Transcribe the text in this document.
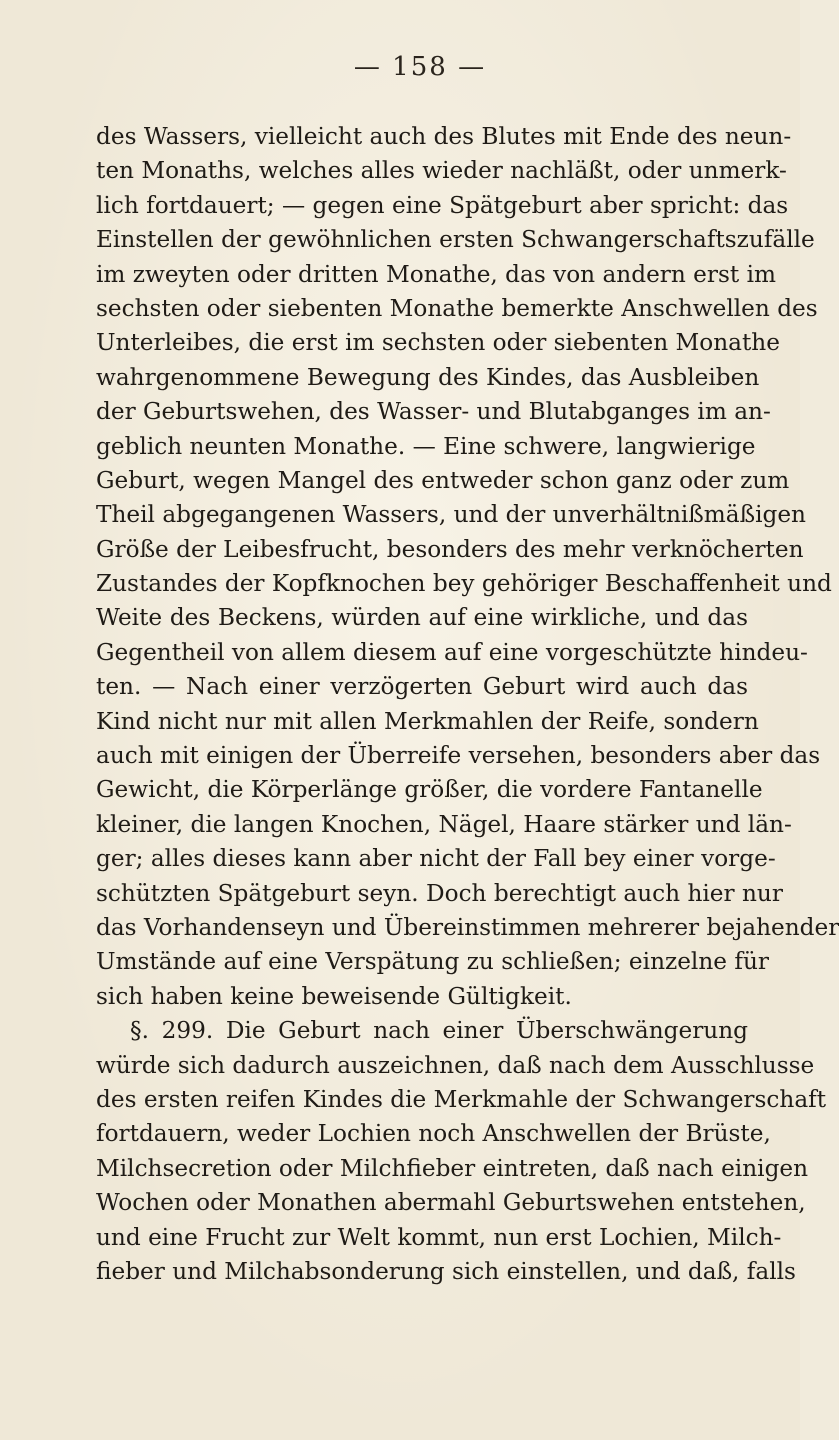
— 158 —
des Wassers, vielleicht auch des Blutes mit Ende des neun-
ten Monaths, welches alles wieder nachläßt, oder unmerk-
lich fortdauert; — gegen eine Spätgeburt aber spricht: das
Einstellen der gewöhnlichen ersten Schwangerschaftszufälle
im zweyten oder dritten Monathe, das von andern erst im
sechsten oder siebenten Monathe bemerkte Anschwellen des
Unterleibes, die erst im sechsten oder siebenten Monathe
wahrgenommene Bewegung des Kindes, das Ausbleiben
der Geburtswehen, des Wasser- und Blutabganges im an-
geblich neunten Monathe. — Eine schwere, langwierige
Geburt, wegen Mangel des entweder schon ganz oder zum
Theil abgegangenen Wassers, und der unverhältnißmäßigen
Größe der Leibesfrucht, besonders des mehr verknöcherten
Zustandes der Kopfknochen bey gehöriger Beschaffenheit und
Weite des Beckens, würden auf eine wirkliche, und das
Gegentheil von allem diesem auf eine vorgeschützte hindeu-
ten. — Nach einer verzögerten Geburt wird auch das
Kind nicht nur mit allen Merkmahlen der Reife, sondern
auch mit einigen der Überreife versehen, besonders aber das
Gewicht, die Körperlänge größer, die vordere Fantanelle
kleiner, die langen Knochen, Nägel, Haare stärker und län-
ger; alles dieses kann aber nicht der Fall bey einer vorge-
schützten Spätgeburt seyn. Doch berechtigt auch hier nur
das Vorhandenseyn und Übereinstimmen mehrerer bejahender
Umstände auf eine Verspätung zu schließen; einzelne für
sich haben keine beweisende Gültigkeit.
§. 299. Die Geburt nach einer Überschwängerung
würde sich dadurch auszeichnen, daß nach dem Ausschlusse
des ersten reifen Kindes die Merkmahle der Schwangerschaft
fortdauern, weder Lochien noch Anschwellen der Brüste,
Milchsecretion oder Milchfieber eintreten, daß nach einigen
Wochen oder Monathen abermahl Geburtswehen entstehen,
und eine Frucht zur Welt kommt, nun erst Lochien, Milch-
fieber und Milchabsonderung sich einstellen, und daß, falls
